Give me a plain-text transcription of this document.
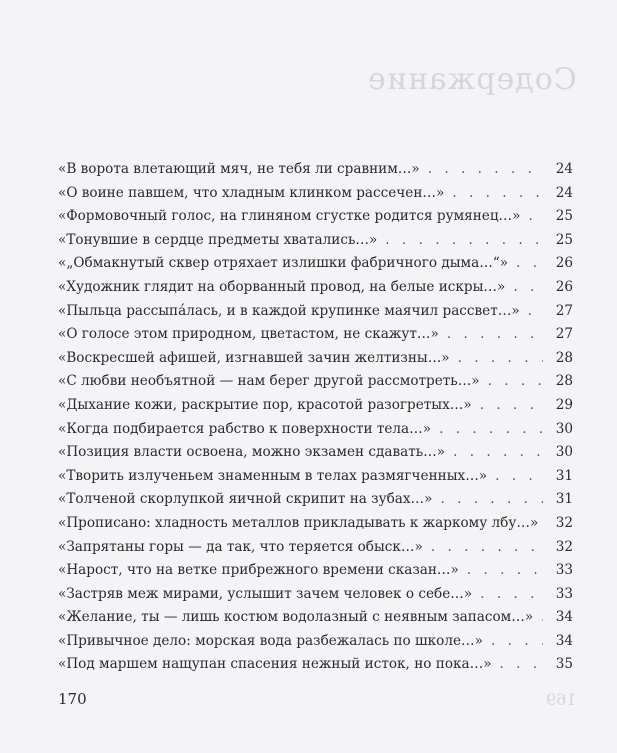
Содержание
169
«В ворота влетающий мяч, не тебя ли сравним…» . . .	24
«О воине павшем, что хладным клинком рассечен…» . . .	24
«Формовочный голос, на глиняном сгустке родится румянец…» . . .	25
«Тонувшие в сердце предметы хватались…» . . .	25
«„Обмакнутый сквер отряхает излишки фабричного дыма…“» . . .	26
«Художник глядит на оборванный провод, на белые искры…» . . .	26
«Пыльца рассыпáлась, и в каждой крупинке маячил рассвет…» . . .	27
«О голосе этом природном, цветастом, не скажут…» . . .	27
«Воскресшей афишей, изгнавшей зачин желтизны…» . . .	28
«С любви необъятной — нам берег другой рассмотреть…» . . .	28
«Дыхание кожи, раскрытие пор, красотой разогретых…» . . .	29
«Когда подбирается рабство к поверхности тела…» . . .	30
«Позиция власти освоена, можно экзамен сдавать…» . . .	30
«Творить излученьем знаменным в телах размягченных…» . . .	31
«Толченой скорлупкой яичной скрипит на зубах…» . . .	31
«Прописано: хладность металлов прикладывать к жаркому лбу…» 32
«Запрятаны горы — да так, что теряется обыск…» . . .	32
«Нарост, что на ветке прибрежного времени сказан…» . . .	33
«Застряв меж мирами, услышит зачем человек о себе…» . . .	33
«Желание, ты — лишь костюм водолазный с неявным запасом…» . . .	34
«Привычное дело: морская вода разбежалась по школе…» . . .	34
«Под маршем нащупан спасения нежный исток, но пока…» . . .	35
170
